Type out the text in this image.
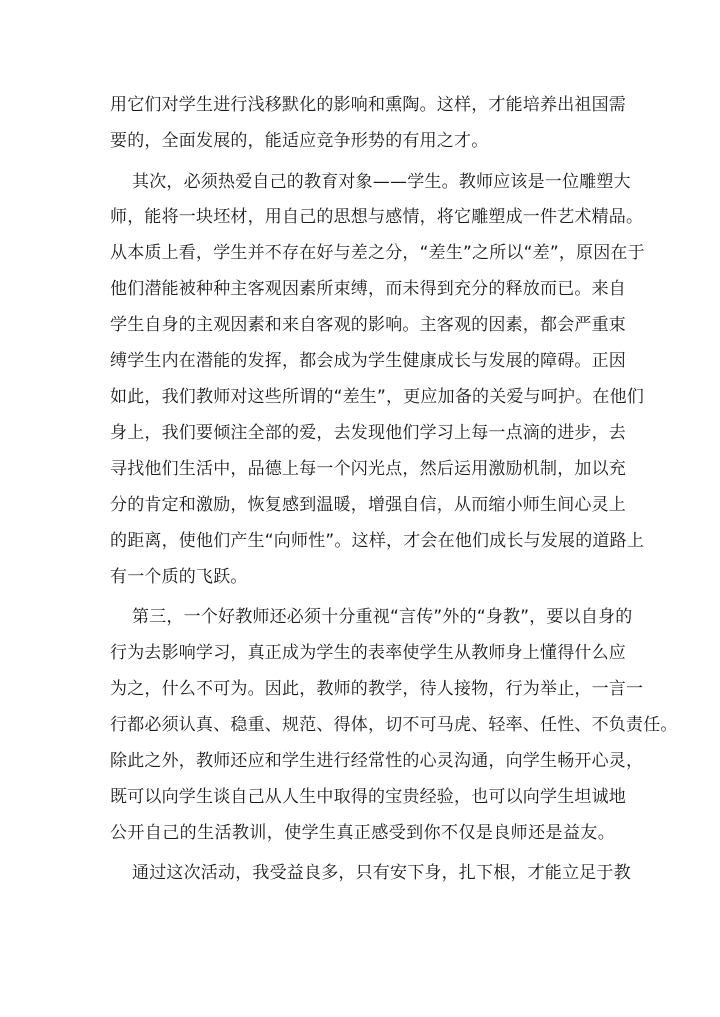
用它们对学生进行浅移默化的影响和熏陶。这样，才能培养出祖国需
要的，全面发展的，能适应竞争形势的有用之才。
其次，必须热爱自己的教育对象——学生。教师应该是一位雕塑大
师，能将一块坯材，用自己的思想与感情，将它雕塑成一件艺术精品。
从本质上看，学生并不存在好与差之分，“差生”之所以“差”，原因在于
他们潜能被种种主客观因素所束缚，而未得到充分的释放而已。来自
学生自身的主观因素和来自客观的影响。主客观的因素，都会严重束
缚学生内在潜能的发挥，都会成为学生健康成长与发展的障碍。正因
如此，我们教师对这些所谓的“差生”，更应加备的关爱与呵护。在他们
身上，我们要倾注全部的爱，去发现他们学习上每一点滴的进步，去
寻找他们生活中，品德上每一个闪光点，然后运用激励机制，加以充
分的肯定和激励，恢复感到温暖，增强自信，从而缩小师生间心灵上
的距离，使他们产生“向师性”。这样，才会在他们成长与发展的道路上
有一个质的飞跃。
第三，一个好教师还必须十分重视“言传”外的“身教”，要以自身的
行为去影响学习，真正成为学生的表率使学生从教师身上懂得什么应
为之，什么不可为。因此，教师的教学，待人接物，行为举止，一言一
行都必须认真、稳重、规范、得体，切不可马虎、轻率、任性、不负责任。
除此之外，教师还应和学生进行经常性的心灵沟通，向学生畅开心灵，
既可以向学生谈自己从人生中取得的宝贵经验，也可以向学生坦诚地
公开自己的生活教训，使学生真正感受到你不仅是良师还是益友。
通过这次活动，我受益良多，只有安下身，扎下根，才能立足于教
